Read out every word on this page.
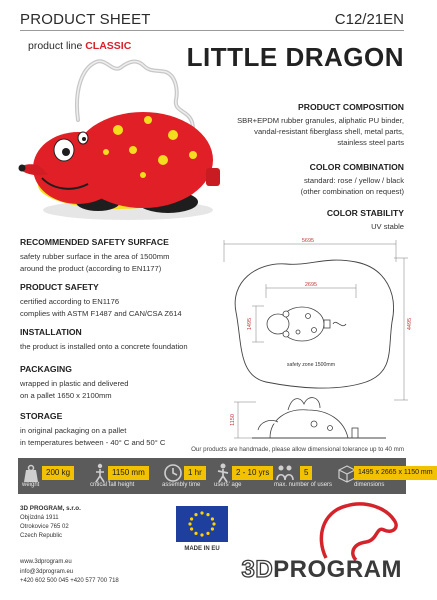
PRODUCT SHEET	C12/21EN
product line CLASSIC LITTLE DRAGON
PRODUCT COMPOSITION
SBR+EPDM rubber granules, aliphatic PU binder,
vandal-resistant fiberglass shell, metal parts,
stainless steel parts
COLOR COMBINATION
standard: rose / yellow / black
(other combination on request)
COLOR STABILITY
UV stable
RECOMMENDED SAFETY SURFACE
safety rubber surface in the area of 1500mm
around the product (according to EN1177)
PRODUCT SAFETY
certified according to EN1176
complies with ASTM F1487 and CAN/CSA Z614
INSTALLATION
the product is installed onto a concrete foundation
PACKAGING
wrapped in plastic and delivered
on a pallet 1650 x 2100mm
STORAGE
in original packaging on a pallet
in temperatures between - 40° C and 50° C
5695
2695
4495
1495
safety zone 1500mm
1150
Our products are handmade, please allow dimensional tolerance up to 40 mm
200 kg
weight
1150 mm
critical fall height
1 hr
assembly time
2 - 10 yrs
users' age
5
max. number of users
1495 x 2665 x 1150 mm
dimensions
3D PROGRAM, s.r.o.
Objízdná 1911
Otrokovice 765 02
Czech Republic
www.3dprogram.eu
info@3dprogram.eu
+420 602 500 045 +420 577 700 718
MADE IN EU
3DPROGRAM
